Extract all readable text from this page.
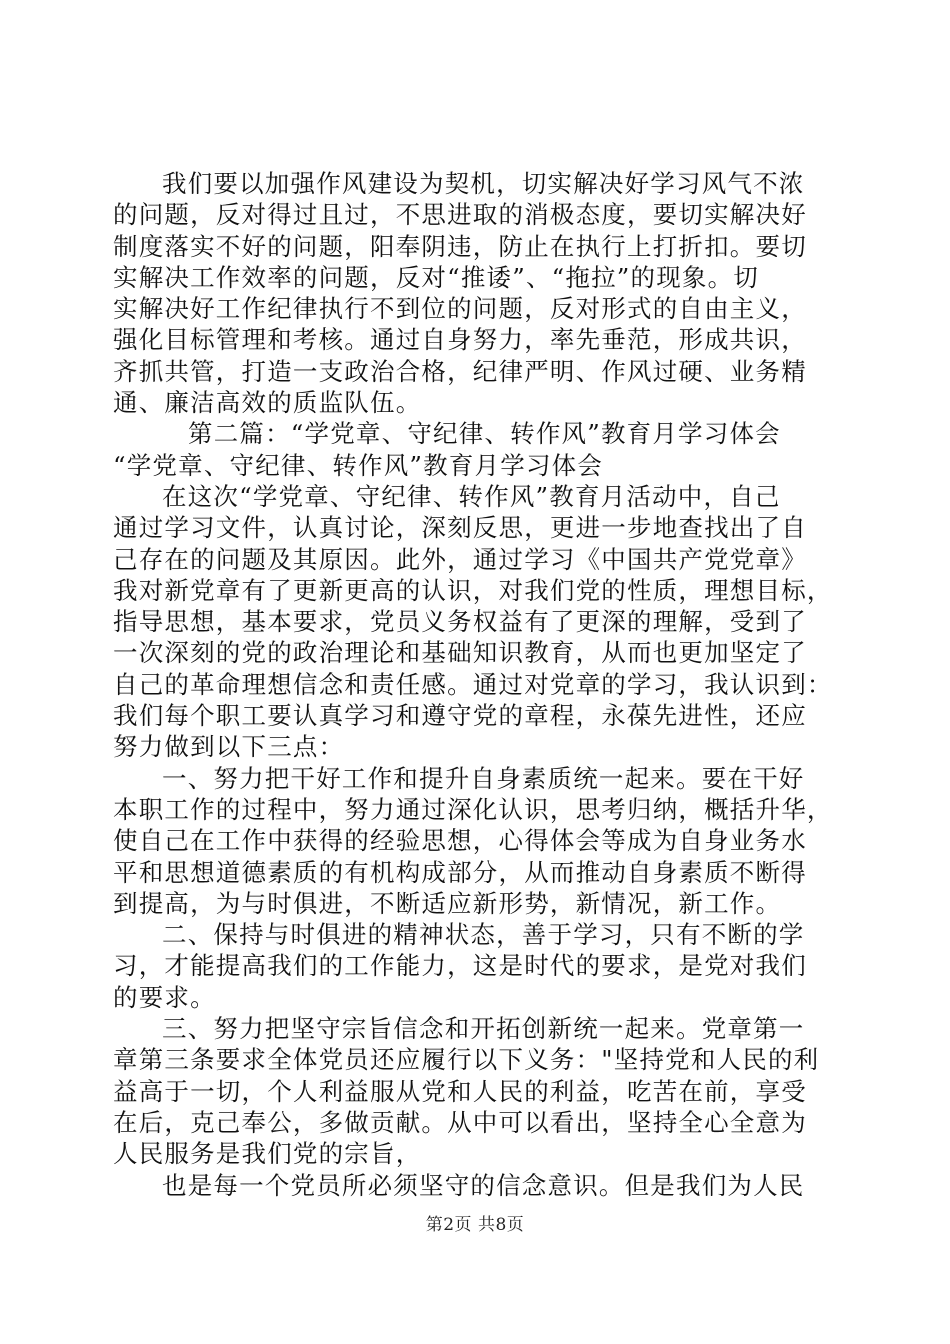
我们要以加强作风建设为契机，切实解决好学习风气不浓
的问题，反对得过且过，不思进取的消极态度，要切实解决好
制度落实不好的问题，阳奉阴违，防止在执行上打折扣。要切
实解决工作效率的问题，反对“推诿”、“拖拉”的现象。切
实解决好工作纪律执行不到位的问题，反对形式的自由主义，
强化目标管理和考核。通过自身努力，率先垂范，形成共识，
齐抓共管，打造一支政治合格，纪律严明、作风过硬、业务精
通、廉洁高效的质监队伍。
第二篇：“学党章、守纪律、转作风”教育月学习体会
“学党章、守纪律、转作风”教育月学习体会
在这次“学党章、守纪律、转作风”教育月活动中，自己
通过学习文件，认真讨论，深刻反思，更进一步地查找出了自
己存在的问题及其原因。此外，通过学习《中国共产党党章》
我对新党章有了更新更高的认识，对我们党的性质，理想目标，
指导思想，基本要求，党员义务权益有了更深的理解，受到了
一次深刻的党的政治理论和基础知识教育，从而也更加坚定了
自己的革命理想信念和责任感。通过对党章的学习，我认识到：
我们每个职工要认真学习和遵守党的章程，永葆先进性，还应
努力做到以下三点：
一、努力把干好工作和提升自身素质统一起来。要在干好
本职工作的过程中，努力通过深化认识，思考归纳，概括升华，
使自己在工作中获得的经验思想，心得体会等成为自身业务水
平和思想道德素质的有机构成部分，从而推动自身素质不断得
到提高，为与时俱进，不断适应新形势，新情况，新工作。
二、保持与时俱进的精神状态，善于学习，只有不断的学
习，才能提高我们的工作能力，这是时代的要求，是党对我们
的要求。
三、努力把坚守宗旨信念和开拓创新统一起来。党章第一
章第三条要求全体党员还应履行以下义务："坚持党和人民的利
益高于一切，个人利益服从党和人民的利益，吃苦在前，享受
在后，克己奉公，多做贡献。从中可以看出，坚持全心全意为
人民服务是我们党的宗旨，
也是每一个党员所必须坚守的信念意识。但是我们为人民
第2页 共8页
